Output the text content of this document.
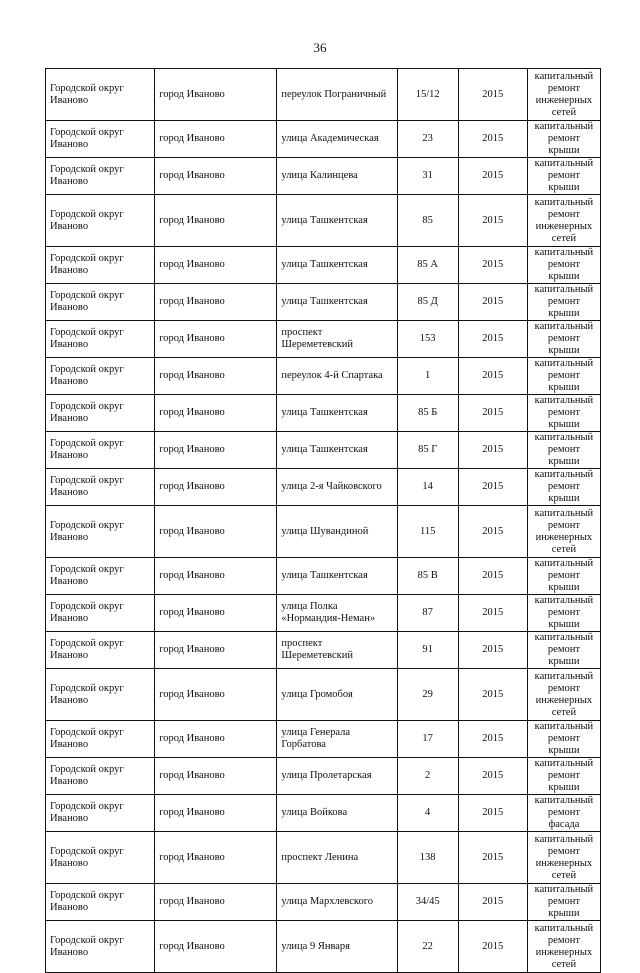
36
Городской округ Иваново	город Иваново	переулок Пограничный	15/12	2015	капитальный ремонт инженерных сетей
Городской округ Иваново	город Иваново	улица Академическая	23	2015	капитальный ремонт крыши
Городской округ Иваново	город Иваново	улица Калинцева	31	2015	капитальный ремонт крыши
Городской округ Иваново	город Иваново	улица Ташкентская	85	2015	капитальный ремонт инженерных сетей
Городской округ Иваново	город Иваново	улица Ташкентская	85 А	2015	капитальный ремонт крыши
Городской округ Иваново	город Иваново	улица Ташкентская	85 Д	2015	капитальный ремонт крыши
Городской округ Иваново	город Иваново	проспект Шереметевский	153	2015	капитальный ремонт крыши
Городской округ Иваново	город Иваново	переулок 4-й Спартака	1	2015	капитальный ремонт крыши
Городской округ Иваново	город Иваново	улица Ташкентская	85 Б	2015	капитальный ремонт крыши
Городской округ Иваново	город Иваново	улица Ташкентская	85 Г	2015	капитальный ремонт крыши
Городской округ Иваново	город Иваново	улица 2-я Чайковского	14	2015	капитальный ремонт крыши
Городской округ Иваново	город Иваново	улица Шувандиной	115	2015	капитальный ремонт инженерных сетей
Городской округ Иваново	город Иваново	улица Ташкентская	85 В	2015	капитальный ремонт крыши
Городской округ Иваново	город Иваново	улица Полка «Нормандия-Неман»	87	2015	капитальный ремонт крыши
Городской округ Иваново	город Иваново	проспект Шереметевский	91	2015	капитальный ремонт крыши
Городской округ Иваново	город Иваново	улица Громобоя	29	2015	капитальный ремонт инженерных сетей
Городской округ Иваново	город Иваново	улица Генерала Горбатова	17	2015	капитальный ремонт крыши
Городской округ Иваново	город Иваново	улица Пролетарская	2	2015	капитальный ремонт крыши
Городской округ Иваново	город Иваново	улица Войкова	4	2015	капитальный ремонт фасада
Городской округ Иваново	город Иваново	проспект Ленина	138	2015	капитальный ремонт инженерных сетей
Городской округ Иваново	город Иваново	улица Мархлевского	34/45	2015	капитальный ремонт крыши
Городской округ Иваново	город Иваново	улица 9 Января	22	2015	капитальный ремонт инженерных сетей
